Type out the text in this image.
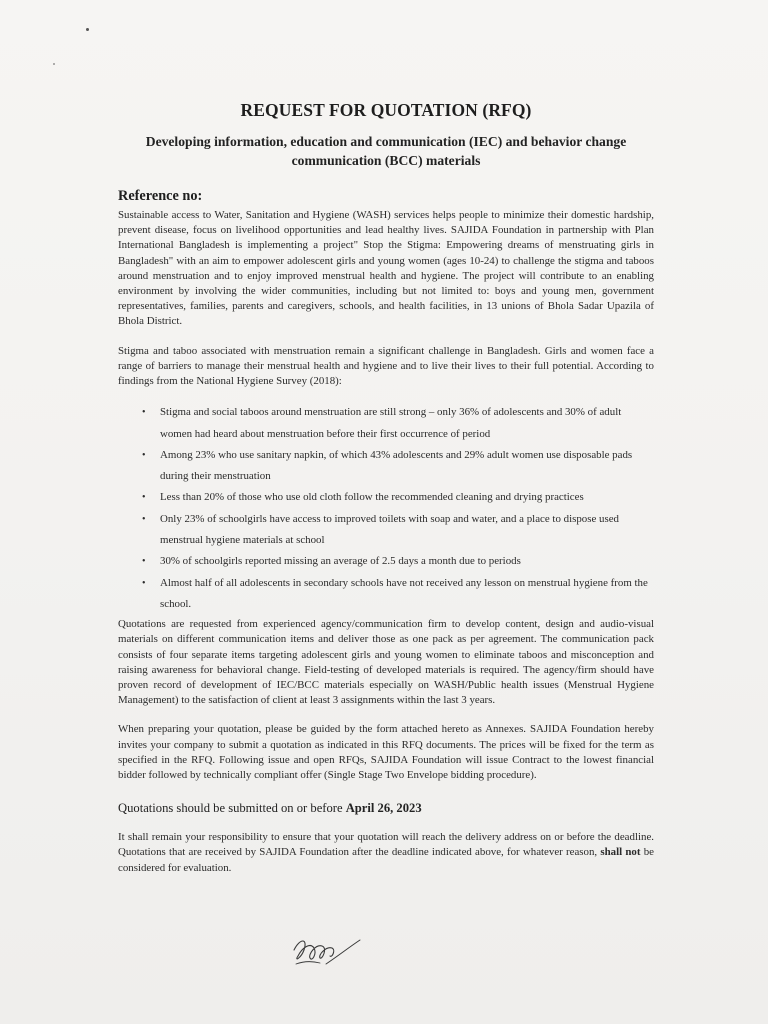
REQUEST FOR QUOTATION (RFQ)
Developing information, education and communication (IEC) and behavior change communication (BCC) materials
Reference no:

Sustainable access to Water, Sanitation and Hygiene (WASH) services helps people to minimize their domestic hardship, prevent disease, focus on livelihood opportunities and lead healthy lives. SAJIDA Foundation in partnership with Plan International Bangladesh is implementing a project" Stop the Stigma: Empowering dreams of menstruating girls in Bangladesh" with an aim to empower adolescent girls and young women (ages 10-24) to challenge the stigma and taboos around menstruation and to enjoy improved menstrual health and hygiene. The project will contribute to an enabling environment by involving the wider communities, including but not limited to: boys and young men, government representatives, families, parents and caregivers, schools, and health facilities, in 13 unions of Bhola Sadar Upazila of Bhola District.

Stigma and taboo associated with menstruation remain a significant challenge in Bangladesh. Girls and women face a range of barriers to manage their menstrual health and hygiene and to live their lives to their full potential. According to findings from the National Hygiene Survey (2018):

• Stigma and social taboos around menstruation are still strong – only 36% of adolescents and 30% of adult women had heard about menstruation before their first occurrence of period
• Among 23% who use sanitary napkin, of which 43% adolescents and 29% adult women use disposable pads during their menstruation
• Less than 20% of those who use old cloth follow the recommended cleaning and drying practices
• Only 23% of schoolgirls have access to improved toilets with soap and water, and a place to dispose used menstrual hygiene materials at school
• 30% of schoolgirls reported missing an average of 2.5 days a month due to periods
• Almost half of all adolescents in secondary schools have not received any lesson on menstrual hygiene from the school.

Quotations are requested from experienced agency/communication firm to develop content, design and audio-visual materials on different communication items and deliver those as one pack as per agreement. The communication pack consists of four separate items targeting adolescent girls and young women to eliminate taboos and misconception and raising awareness for behavioral change. Field-testing of developed materials is required. The agency/firm should have proven record of development of IEC/BCC materials especially on WASH/Public health issues (Menstrual Hygiene Management) to the satisfaction of client at least 3 assignments within the last 3 years.

When preparing your quotation, please be guided by the form attached hereto as Annexes. SAJIDA Foundation hereby invites your company to submit a quotation as indicated in this RFQ documents. The prices will be fixed for the term as specified in the RFQ. Following issue and open RFQs, SAJIDA Foundation will issue Contract to the lowest financial bidder followed by technically compliant offer (Single Stage Two Envelope bidding procedure).

Quotations should be submitted on or before April 26, 2023

It shall remain your responsibility to ensure that your quotation will reach the delivery address on or before the deadline. Quotations that are received by SAJIDA Foundation after the deadline indicated above, for whatever reason, shall not be considered for evaluation.
